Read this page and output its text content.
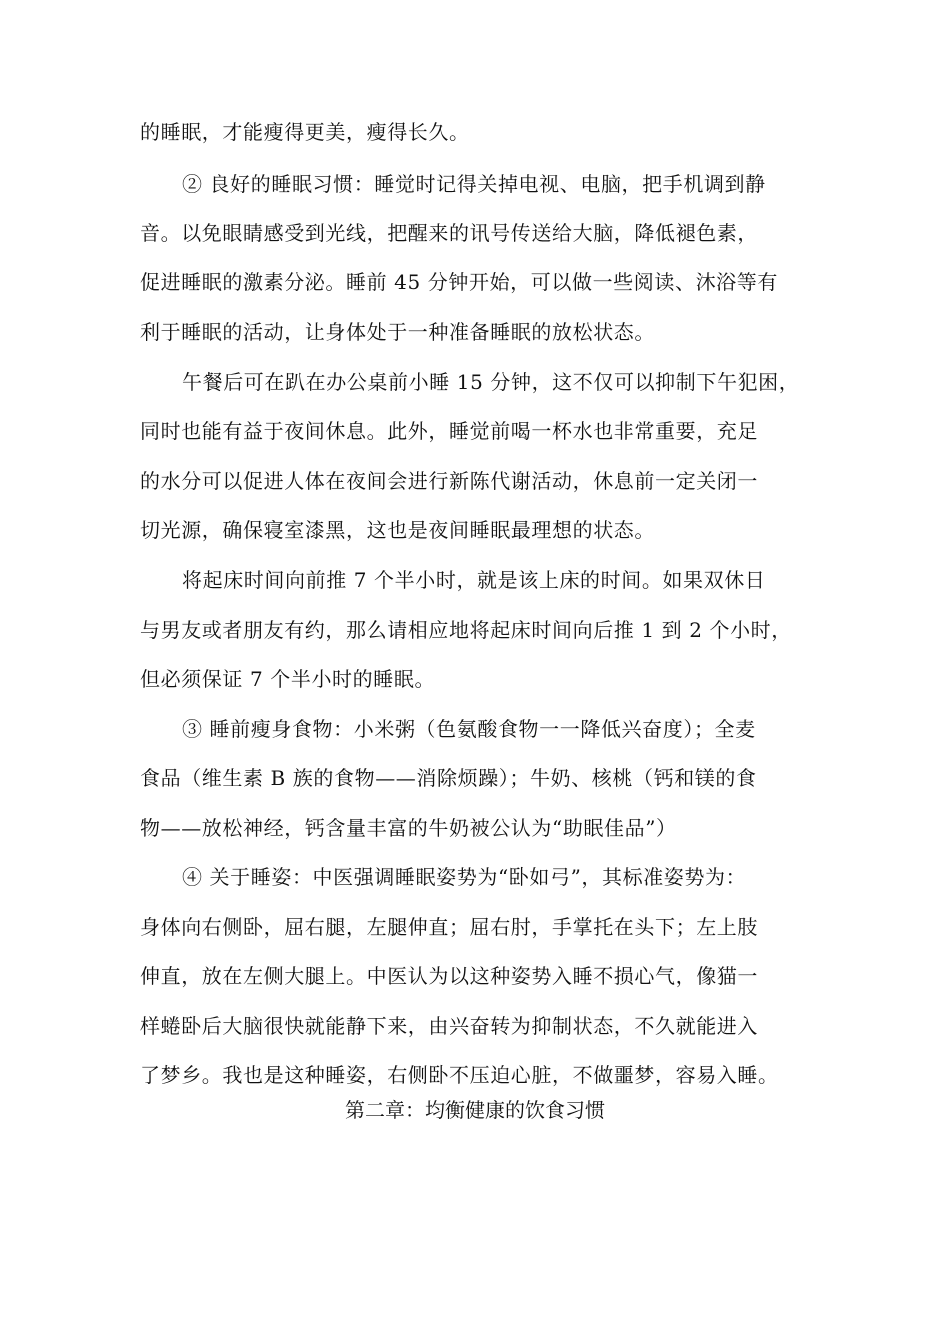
的睡眠，才能瘦得更美，瘦得长久。
② 良好的睡眠习惯：睡觉时记得关掉电视、电脑，把手机调到静
音。以免眼睛感受到光线，把醒来的讯号传送给大脑，降低褪色素，
促进睡眠的激素分泌。睡前 45 分钟开始，可以做一些阅读、沐浴等有
利于睡眠的活动，让身体处于一种准备睡眠的放松状态。
午餐后可在趴在办公桌前小睡 15 分钟，这不仅可以抑制下午犯困，
同时也能有益于夜间休息。此外，睡觉前喝一杯水也非常重要，充足
的水分可以促进人体在夜间会进行新陈代谢活动，休息前一定关闭一
切光源，确保寝室漆黑，这也是夜间睡眠最理想的状态。
将起床时间向前推 7 个半小时，就是该上床的时间。如果双休日
与男友或者朋友有约，那么请相应地将起床时间向后推 1 到 2 个小时，
但必须保证 7 个半小时的睡眠。
③ 睡前瘦身食物：小米粥（色氨酸食物一一降低兴奋度）；全麦
食品（维生素 B 族的食物——消除烦躁）；牛奶、核桃（钙和镁的食
物——放松神经，钙含量丰富的牛奶被公认为“助眠佳品”）
④ 关于睡姿：中医强调睡眠姿势为“卧如弓”，其标准姿势为：
身体向右侧卧，屈右腿，左腿伸直；屈右肘，手掌托在头下；左上肢
伸直，放在左侧大腿上。中医认为以这种姿势入睡不损心气，像猫一
样蜷卧后大脑很快就能静下来，由兴奋转为抑制状态，不久就能进入
了梦乡。我也是这种睡姿，右侧卧不压迫心脏，不做噩梦，容易入睡。
第二章：均衡健康的饮食习惯
